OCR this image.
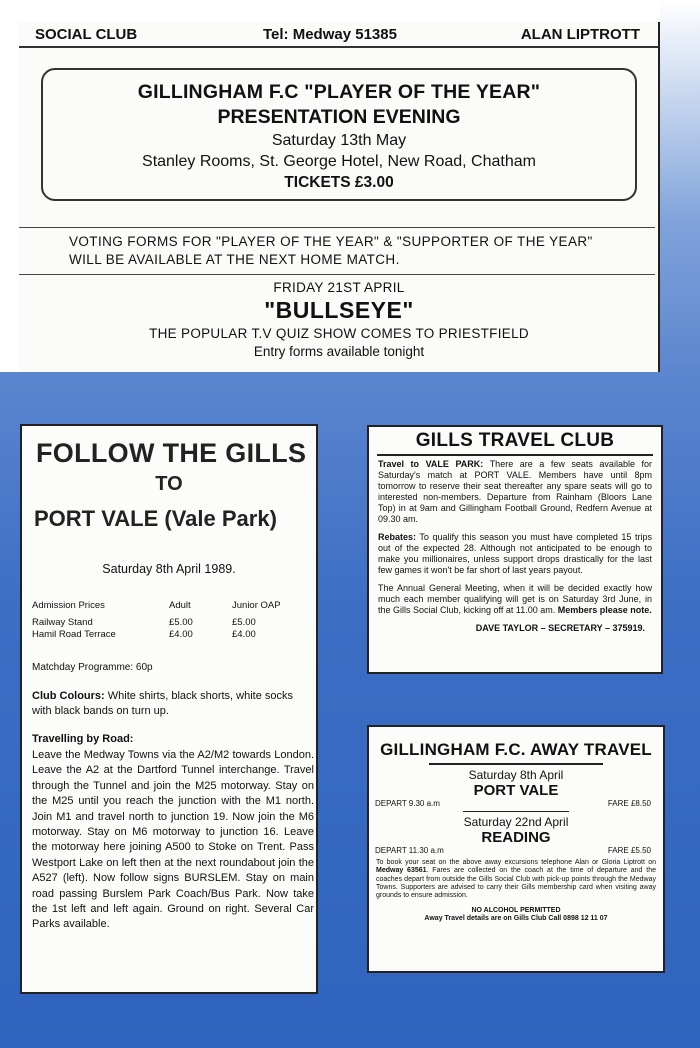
SOCIAL CLUB	Tel: Medway 51385	ALAN LIPTROTT
GILLINGHAM F.C "PLAYER OF THE YEAR"
PRESENTATION EVENING
Saturday 13th May
Stanley Rooms, St. George Hotel, New Road, Chatham
TICKETS £3.00
VOTING FORMS FOR "PLAYER OF THE YEAR" & "SUPPORTER OF THE YEAR"
WILL BE AVAILABLE AT THE NEXT HOME MATCH.
FRIDAY 21ST APRIL
"BULLSEYE"
THE POPULAR T.V QUIZ SHOW COMES TO PRIESTFIELD
Entry forms available tonight
FOLLOW THE GILLS
TO
PORT VALE (Vale Park)
Saturday 8th April 1989.
Admission Prices	Adult	Junior OAP
Railway Stand	£5.00	£5.00
Hamil Road Terrace	£4.00	£4.00
Matchday Programme: 60p
Club Colours: White shirts, black shorts, white socks with black bands on turn up.
Travelling by Road:
Leave the Medway Towns via the A2/M2 towards London. Leave the A2 at the Dartford Tunnel interchange. Travel through the Tunnel and join the M25 motorway. Stay on the M25 until you reach the junction with the M1 north. Join M1 and travel north to junction 19. Now join the M6 motorway. Stay on M6 motorway to junction 16. Leave the motorway here joining A500 to Stoke on Trent. Pass Westport Lake on left then at the next roundabout join the A527 (left). Now follow signs BURSLEM. Stay on main road passing Burslem Park Coach/Bus Park. Now take the 1st left and left again. Ground on right. Several Car Parks available.
GILLS TRAVEL CLUB

Travel to VALE PARK: There are a few seats available for Saturday's match at PORT VALE. Members have until 8pm tomorrow to reserve their seat thereafter any spare seats will go to interested non-members. Departure from Rainham (Bloors Lane Top) in at 9am and Gillingham Football Ground, Redfern Avenue at 09.30 am.

Rebates: To qualify this season you must have completed 15 trips out of the expected 28. Although not anticipated to be enough to make you millionaires, unless support drops drastically for the last few games it won't be far short of last years payout.

The Annual General Meeting, when it will be decided exactly how much each member qualifying will get is on Saturday 3rd June, in the Gills Social Club, kicking off at 11.00 am. Members please note.

DAVE TAYLOR – SECRETARY – 375919.
GILLINGHAM F.C. AWAY TRAVEL
Saturday 8th April
PORT VALE
DEPART 9.30 a.m	FARE £8.50
Saturday 22nd April
READING
DEPART 11.30 a.m	FARE £5.50
To book your seat on the above away excursions telephone Alan or Gloria Liptrott on Medway 63561. Fares are collected on the coach at the time of departure and the coaches depart from outside the Gills Social Club with pick-up points through the Medway Towns. Supporters are advised to carry their Gills membership card when visiting away grounds to ensure admission.
NO ALCOHOL PERMITTED
Away Travel details are on Gills Club Call 0898 12 11 07
